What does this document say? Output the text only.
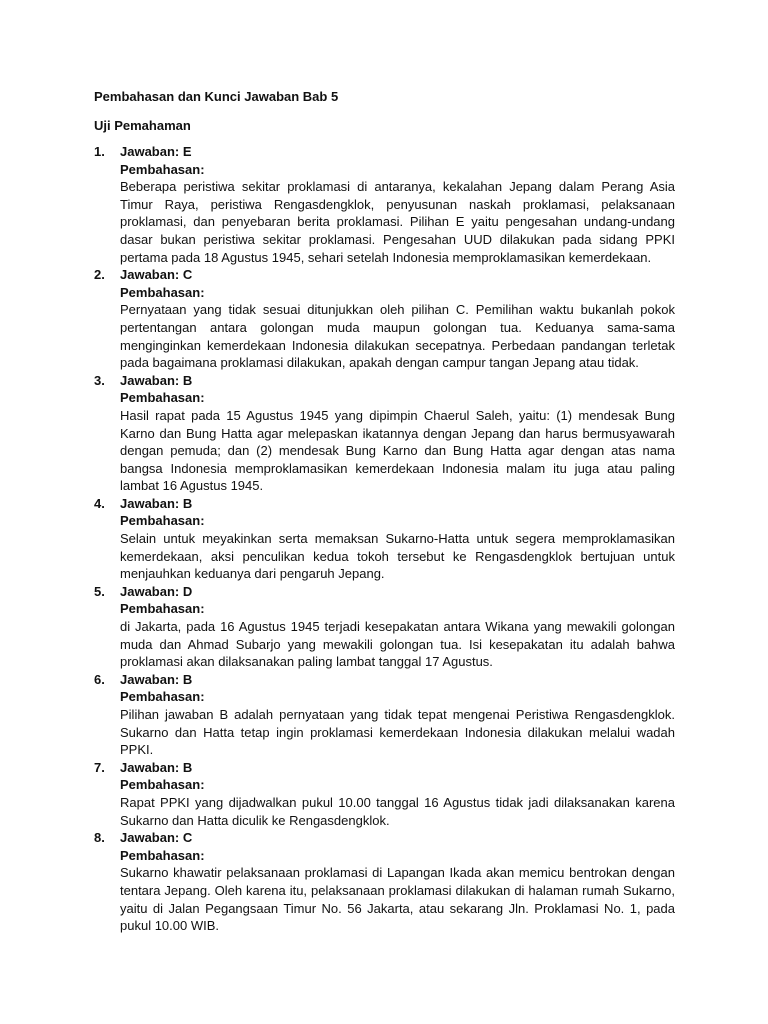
Pembahasan dan Kunci Jawaban Bab 5
Uji Pemahaman
1. Jawaban: E
Pembahasan:
Beberapa peristiwa sekitar proklamasi di antaranya, kekalahan Jepang dalam Perang Asia Timur Raya, peristiwa Rengasdengklok, penyusunan naskah proklamasi, pelaksanaan proklamasi, dan penyebaran berita proklamasi. Pilihan E yaitu pengesahan undang-undang dasar bukan peristiwa sekitar proklamasi. Pengesahan UUD dilakukan pada sidang PPKI pertama pada 18 Agustus 1945, sehari setelah Indonesia memproklamasikan kemerdekaan.
2. Jawaban: C
Pembahasan:
Pernyataan yang tidak sesuai ditunjukkan oleh pilihan C. Pemilihan waktu bukanlah pokok pertentangan antara golongan muda maupun golongan tua. Keduanya sama-sama menginginkan kemerdekaan Indonesia dilakukan secepatnya. Perbedaan pandangan terletak pada bagaimana proklamasi dilakukan, apakah dengan campur tangan Jepang atau tidak.
3. Jawaban: B
Pembahasan:
Hasil rapat pada 15 Agustus 1945 yang dipimpin Chaerul Saleh, yaitu: (1) mendesak Bung Karno dan Bung Hatta agar melepaskan ikatannya dengan Jepang dan harus bermusyawarah dengan pemuda; dan (2) mendesak Bung Karno dan Bung Hatta agar dengan atas nama bangsa Indonesia memproklamasikan kemerdekaan Indonesia malam itu juga atau paling lambat 16 Agustus 1945.
4. Jawaban: B
Pembahasan:
Selain untuk meyakinkan serta memaksan Sukarno-Hatta untuk segera memproklamasikan kemerdekaan, aksi penculikan kedua tokoh tersebut ke Rengasdengklok bertujuan untuk menjauhkan keduanya dari pengaruh Jepang.
5. Jawaban: D
Pembahasan:
di Jakarta, pada 16 Agustus 1945 terjadi kesepakatan antara Wikana yang mewakili golongan muda dan Ahmad Subarjo yang mewakili golongan tua. Isi kesepakatan itu adalah bahwa proklamasi akan dilaksanakan paling lambat tanggal 17 Agustus.
6. Jawaban: B
Pembahasan:
Pilihan jawaban B adalah pernyataan yang tidak tepat mengenai Peristiwa Rengasdengklok. Sukarno dan Hatta tetap ingin proklamasi kemerdekaan Indonesia dilakukan melalui wadah PPKI.
7. Jawaban: B
Pembahasan:
Rapat PPKI yang dijadwalkan pukul 10.00 tanggal 16 Agustus tidak jadi dilaksanakan karena Sukarno dan Hatta diculik ke Rengasdengklok.
8. Jawaban: C
Pembahasan:
Sukarno khawatir pelaksanaan proklamasi di Lapangan Ikada akan memicu bentrokan dengan tentara Jepang. Oleh karena itu, pelaksanaan proklamasi dilakukan di halaman rumah Sukarno, yaitu di Jalan Pegangsaan Timur No. 56 Jakarta, atau sekarang Jln. Proklamasi No. 1, pada pukul 10.00 WIB.
